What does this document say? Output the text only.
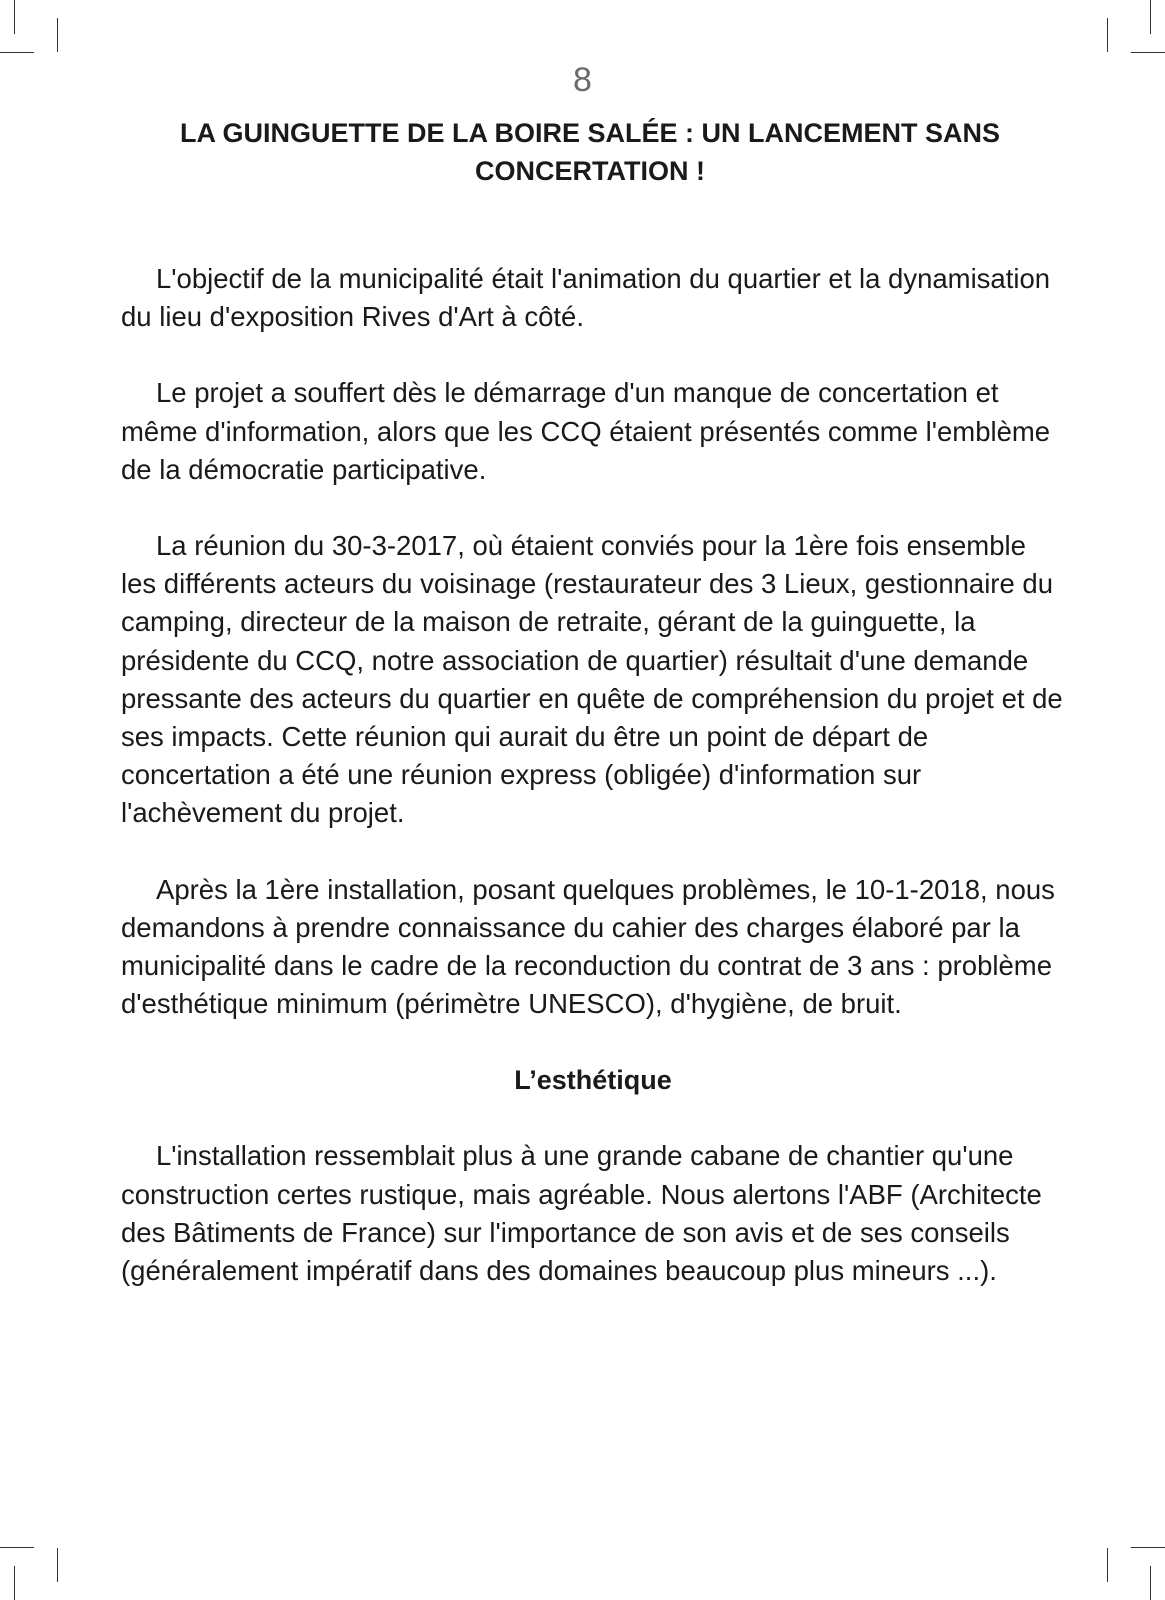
8
LA GUINGUETTE DE LA BOIRE SALÉE : UN LANCEMENT SANS CONCERTATION !

L'objectif de la municipalité était l'animation du quartier et la dynamisation du lieu d'exposition Rives d'Art à côté.

Le projet a souffert dès le démarrage d'un manque de concertation et même d'information, alors que les CCQ étaient présentés comme l'emblème de la démocratie participative.

La réunion du 30-3-2017, où étaient conviés pour la 1ère fois ensemble les différents acteurs du voisinage (restaurateur des 3 Lieux, gestionnaire du camping, directeur de la maison de retraite, gérant de la guinguette, la présidente du CCQ, notre association de quartier) résultait d'une demande pressante des acteurs du quartier en quête de compréhension du projet et de ses impacts. Cette réunion qui aurait du être un point de départ de concertation a été une réunion express (obligée) d'information sur l'achèvement du projet.

Après la 1ère installation, posant quelques problèmes, le 10-1-2018, nous demandons à prendre connaissance du cahier des charges élaboré par la municipalité dans le cadre de la reconduction du contrat de 3 ans : problème d'esthétique minimum (périmètre UNESCO), d'hygiène, de bruit.

L’esthétique

L'installation ressemblait plus à une grande cabane de chantier qu'une construction certes rustique, mais agréable. Nous alertons l'ABF (Architecte des Bâtiments de France) sur l'importance de son avis et de ses conseils (généralement impératif dans des domaines beaucoup plus mineurs ...).
